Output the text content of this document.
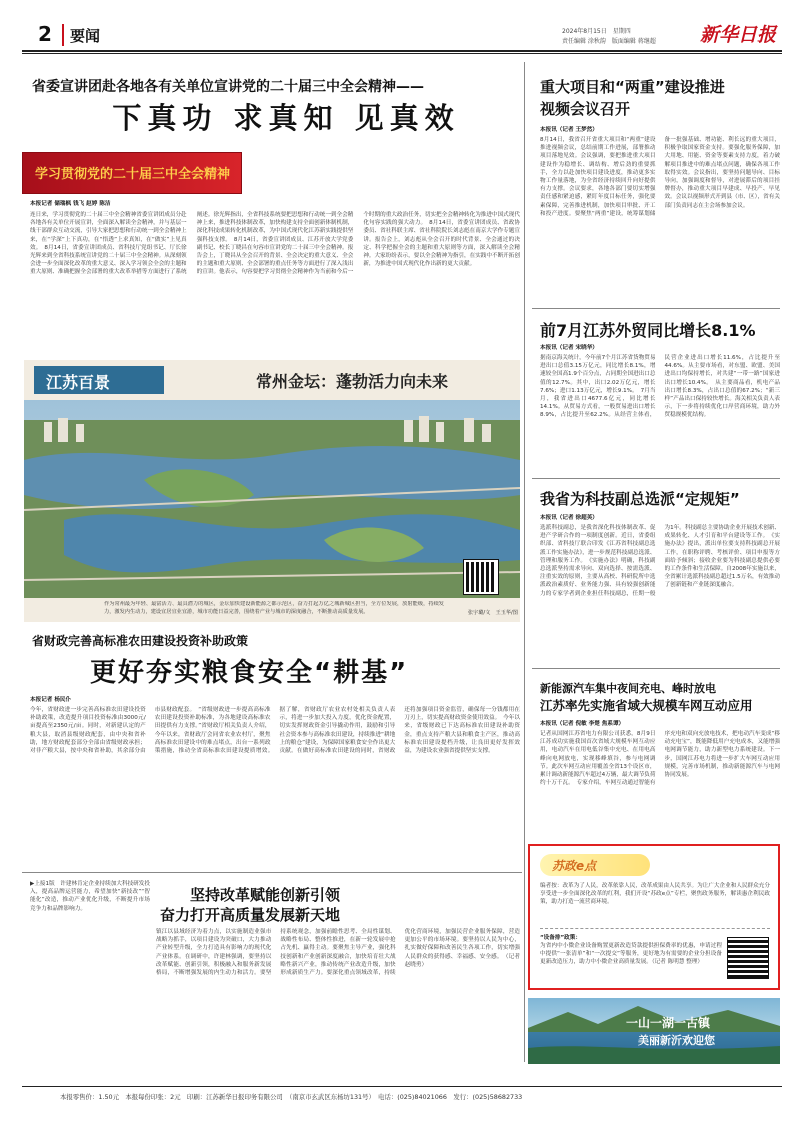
2 要闻	2024年8月15日　星期四
责任编辑 涂秋韵　版面编辑 蒋继超 新华日报
省委宣讲团赴各地各有关单位宣讲党的二十届三中全会精神——
下真功 求真知 见真效
学习贯彻党的二十届三中全会精神
本报记者 储瑞枫 钱飞 赵婷 陈洁
连日来，学习贯彻党的二十届三中全会精神省委宣讲团成员分赴各地各有关单位开展宣讲，全面深入解读全会精神，并与基层一线干部群众互动交流，引导大家把思想和行动统一到全会精神上来，在“学深”上下真功，在“悟透”上求真知，在“做实”上见真效。　8月14日，省委宣讲团成员、省科技厅党组书记、厅长徐光辉来到全省科技系统宣讲党的二十届三中全会精神。从深刻领会进一步全面深化改革的重大意义、深入学习领会全会的主题和重大原则、准确把握全会部署的重大改革举措等方面进行了系统阐述。徐光辉指出，全省科技系统要把思想和行动统一到全会精神上来，推进科技体制改革，加快构建支持全面创新体制机制，深化科技成果转化机制改革，为中国式现代化江苏新实践提供坚强科技支撑。　8月14日，省委宣讲团成员、江苏开放大学党委副书记、校长丁晓昌在句容市宣讲党的二十届三中全会精神。报告会上，丁晓昌从全会召开的背景、全会决定的重大意义、全会的主题和重大原则、全会部署的重点任务等方面进行了深入浅出的宣讲。他表示，句容要把学习贯彻全会精神作为当前和今后一个时期的重大政治任务，切实把全会精神转化为推进中国式现代化句容实践的强大动力。　8月14日，省委宣讲团成员、省政协委员、省社科联主席、省社科院院长刘志彪在南京大学作专题宣讲。报告会上，刘志彪从全会召开的时代背景、全会通过的决定、科学把握全会的主题和重大原则等方面，深入解读全会精神。大家纷纷表示，要以全会精神为指引，在实践中不断开拓创新，为推进中国式现代化作出新的更大贡献。
江苏百景	常州金坛：蓬勃活力向未来
作为常州最为年轻、最富活力、最具潜力的城区，金坛加快建设新能源之都示范区，奋力打起万亿之城新城区担当，全方位发展，放射能级，持续发力，激发内生动力，建设宜居宜业宜游，城市功能日益完善，围绕着产业与城市的深度融合，不断推动高质量发展。	张宇璐/文　王玉华/图
省财政完善高标准农田建设投资补助政策
更好夯实粮食安全“耕基”
本报记者 杨民仆
今年，省财政进一步完善高标准农田建设投资补助政策，改造提升项目投资标准由3000元/亩提高至2350元/亩。同时，对新建认定的产粮大县，取消县级财政配套，由中央和省补助，地方财政配套部分全部由省级财政承担；对非产粮大县，按中央和省补助，其余部分由市县财政配套。　“省级财政进一步提高高标准农田建设投资补助标准，为各地建设高标准农田提供有力支撑。”省财政厅相关负责人介绍，今年以来，省财政厅会同省农业农村厅，聚焦高标准农田建设中的难点堵点，出台一系列政策措施，推动全省高标准农田建设提质增效。　据了解，省财政厅农业农村处相关负责人表示，将进一步加大投入力度，优化资金配置，切实发挥财政资金引导撬动作用，鼓励和引导社会资本参与高标准农田建设，持续推进“耕地上的粮仓”建设，为保障国家粮食安全作出更大贡献。在做好高标准农田建设的同时，省财政还将加强项目资金监管，确保每一分钱都用在刀刃上，切实提高财政资金使用效益。　今年以来，省级财政已下达高标准农田建设补助资金，重点支持产粮大县和粮食主产区，推动高标准农田建设提档升级，让良田更好发挥效益，为建设农业强省提供坚实支撑。
▶上接1版　许建林肯定企业持续加大科技研发投入，提高品牌运营能力，希望加快“新技改”“智能化”改造，推动产业优化升级，不断提升市场竞争力和品牌影响力。
坚持改革赋能创新引领
奋力打开高质量发展新天地
镇江以县域经济为着力点，以实施制造业强市战略为抓手，以项目建设为突破口，大力推动产业转型升级，全力打造具有影响力的现代化产业体系。在调研中，许建林强调，要坚持以改革赋能、创新引领，积极融入和服务新发展格局，不断增强发展的内生动力和活力。要坚持系统观念，加强前瞻性思考、全局性谋划、战略性布局、整体性推进，在新一轮发展中抢占先机、赢得主动。要聚焦主导产业，强化科技创新和产业创新深度融合，加快培育壮大战略性新兴产业，推动传统产业改造升级，加快形成新质生产力。要深化重点领域改革，持续优化营商环境，加强民营企业服务保障，营造更加公平的市场环境。要坚持以人民为中心，扎实做好保障和改善民生各项工作，切实增强人民群众的获得感、幸福感、安全感。　（记者 赵晓勇）
重大项目和“两重”建设推进
视频会议召开
本报讯（记者 王梦然）
8月14日，我省召开省重大项目和“两重”建设推进视频会议，总结前期工作进展，部署推动项目落地见效。会议强调，要把推进重大项目建设作为稳增长、调结构、增后劲的重要抓手，全力以赴加快项目建设进度，推动更多实物工作量落地，为全省经济持续回升向好提供有力支撑。会议要求，各地各部门要切实增强责任感和紧迫感，紧盯年度目标任务，强化要素保障，完善推进机制，加快项目审批、开工和投产进度。要聚焦“两重”建设，统筹谋划储备一批强基础、增功能、利长远的重大项目，积极争取国家资金支持。要强化服务保障，加大用地、用能、资金等要素支持力度，着力破解项目推进中的难点堵点问题，确保各项工作取得实效。会议指出，要坚持问题导向、目标导向，加强调度和督导，对进展滞后的项目挂牌督办，推动重大项目早建成、早投产、早见效。会议以视频形式开到县（市、区），省有关部门负责同志在主会场参加会议。
前7月江苏外贸同比增长8.1%
本报讯（记者 宋晓华）
据南京海关统计，今年前7个月江苏省货物贸易进出口总值3.15万亿元，同比增长8.1%，增速较全国高1.9个百分点，占同期全国进出口总值的12.7%。其中，出口2.02万亿元，增长7.6%；进口1.13万亿元，增长9.1%。　7月当月，我省进出口4677.6亿元，同比增长14.1%。从贸易方式看，一般贸易进出口增长8.9%，占比提升至62.2%。从经营主体看，民营企业进出口增长11.6%，占比提升至44.6%。从主要市场看，对东盟、欧盟、美国进出口均保持增长，对共建“一带一路”国家进出口增长10.4%。　从主要商品看，机电产品出口增长8.3%，占出口总值的67.2%；“新三样”产品出口保持较快增长。海关相关负责人表示，下一步将持续优化口岸营商环境，助力外贸稳规模优结构。
我省为科技副总选派“定规矩”
本报讯（记者 徐超英）
选派科技副总，是我省深化科技体制改革、促进产学研合作的一项制度创新。近日，省委组织部、省科技厅联合印发《江苏省科技副总选派工作实施办法》，进一步规范科技副总选派、管理和服务工作。　《实施办法》明确，科技副总选派坚持需求导向、双向选择、按需选派、注重实效的原则，主要从高校、科研院所中选派政治素质好、业务能力强、具有较强创新能力的专家学者到企业担任科技副总，任期一般为1年。科技副总主要协助企业开展技术创新、成果转化、人才引育和平台建设等工作。　《实施办法》提出，派出单位要支持科技副总开展工作，在职称评聘、考核评价、项目申报等方面给予倾斜；接收企业要为科技副总提供必要的工作条件和生活保障。自2008年实施以来，全省累计选派科技副总超过1.5万名，有效推动了创新链和产业链深度融合。
新能源汽车集中夜间充电、峰时放电
江苏率先实施省域大规模车网互动应用
本报讯（记者 倪敏 李楚 焦系谭）
记者从国网江苏省电力有限公司获悉，8月9日江苏成功实施我国首次省域大规模车网互动应用，电动汽车在用电低谷集中充电、在用电高峰向电网放电，实现移峰填谷，参与电网调节。此次车网互动应用覆盖全省13个设区市，累计调动新能源汽车超过4万辆，最大调节负荷约十万千瓦。　专家介绍，车网互动通过智能有序充电和双向充放电技术，把电动汽车变成“移动充电宝”，既能降低用户充电成本，又能增强电网调节能力，助力新型电力系统建设。下一步，国网江苏电力将进一步扩大车网互动应用规模，完善市场机制，推动新能源汽车与电网协同发展。
苏政e点
编者按：改革为了人民，改革依靠人民，改革成果由人民共享。为让广大企业和人民群众充分享受进一步全面深化改革的红利，我们开设“苏政e点”专栏，聚焦政务服务，解读惠企利民政策，助力打造一流营商环境。
“设备排”政策：
为省内中小微企业设备购置更新改造贷款提供担保费率的优惠，申请过程中提供“一张清单”和“一次提交”等服务，更好地为有需要的企业分担设备更新改造压力，助力中小微企业高质量发展。（记者 陈明慧 整理）
一山一湖一古镇
美丽新沂欢迎您
本报零售价：1.50元　本报每份印张：2元　印刷：江苏新华日报印务有限公司　（南京市玄武区东杨坊131号）　电话：(025)84021066　发行：(025)58682733
